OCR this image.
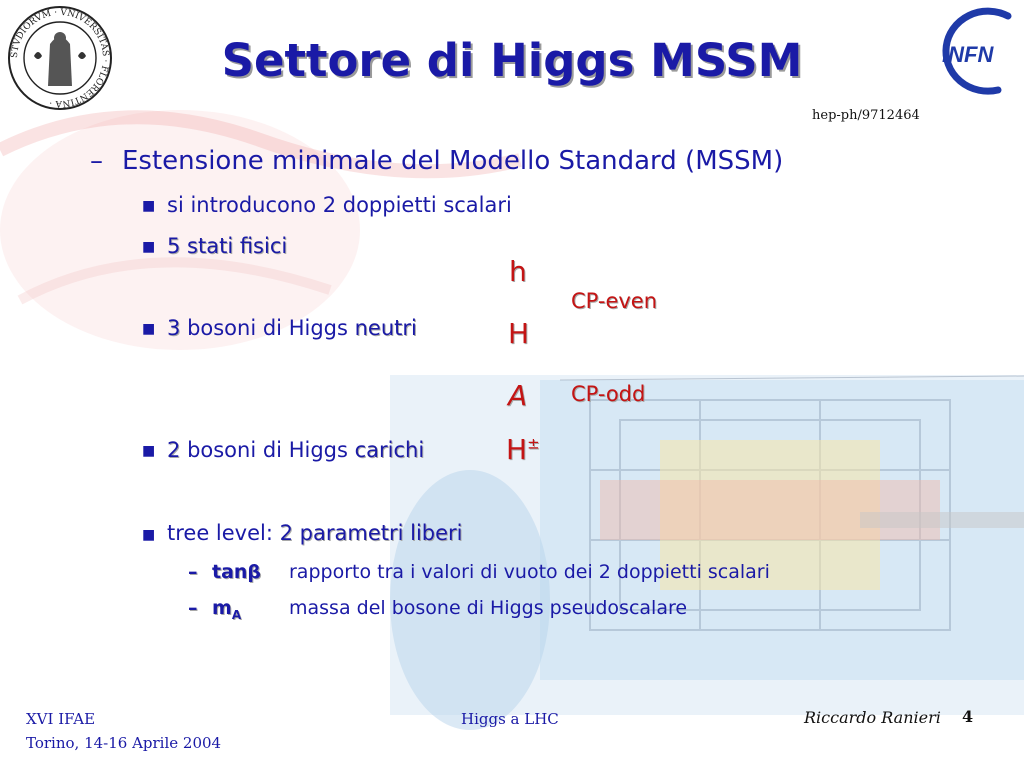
STVDIORVM · VNIVERSITAS · FLORENTINA ·
INFN
Settore di Higgs MSSM
hep-ph/9712464
– Estensione minimale del Modello Standard (MSSM)
■ si introducono 2 doppietti scalari
■ 5 stati fisici
■ 3 bosoni di Higgs neutri
■ 2 bosoni di Higgs carichi
h
H
A
H±
CP-even
CP-odd
■ tree level: 2 parametri liberi
– tanβ rapporto tra i valori di vuoto dei 2 doppietti scalari
– $m_A$	massa del bosone di Higgs pseudoscalare
XVI IFAE
Torino, 14-16 Aprile 2004
Higgs a LHC	Riccardo Ranieri 4
